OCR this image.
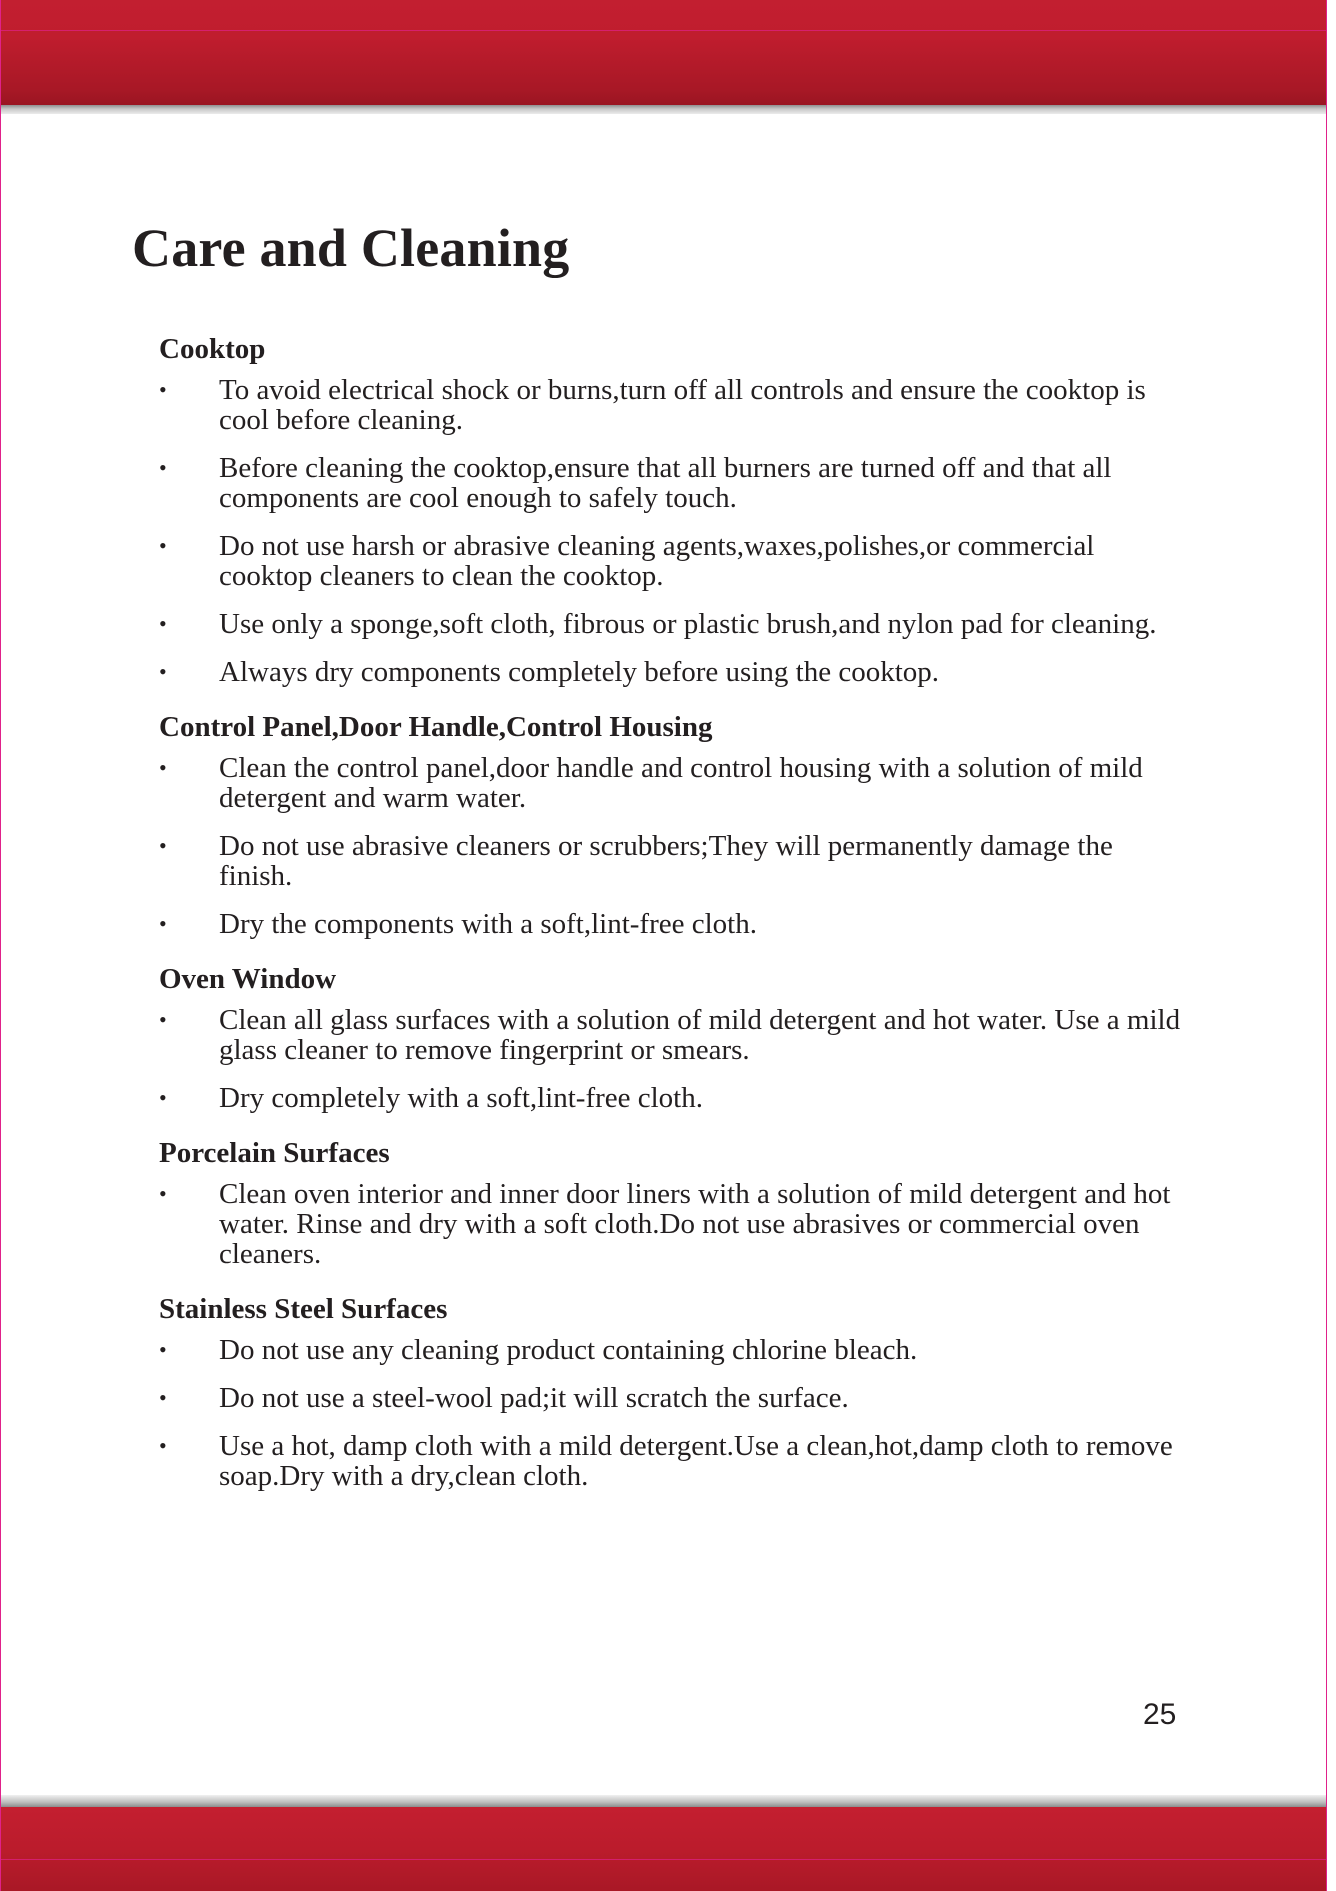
Care and Cleaning
Cooktop
•	To avoid electrical shock or burns,turn off all controls and ensure the cooktop is cool before cleaning.
•	Before cleaning the cooktop,ensure that all burners are turned off and that all components are cool enough to safely touch.
•	Do not use harsh or abrasive cleaning agents,waxes,polishes,or commercial cooktop cleaners to clean the cooktop.
•	Use only a sponge,soft cloth, fibrous or plastic brush,and nylon pad for cleaning.
•	Always dry components completely before using the cooktop.
Control Panel,Door Handle,Control Housing
•	Clean the control panel,door handle and control housing with a solution of mild detergent and warm water.
•	Do not use abrasive cleaners or scrubbers;They will permanently damage the finish.
•	Dry the components with a soft,lint-free cloth.
Oven Window
•	Clean all glass surfaces with a solution of mild detergent and hot water. Use a mild glass cleaner to remove fingerprint or smears.
•	Dry completely with a soft,lint-free cloth.
Porcelain Surfaces
•	Clean oven interior and inner door liners with a solution of mild detergent and hot water. Rinse and dry with a soft cloth.Do not use abrasives or commercial oven cleaners.
Stainless Steel Surfaces
•	Do not use any cleaning product containing chlorine bleach.
•	Do not use a steel-wool pad;it will scratch the surface.
•	Use a hot, damp cloth with a mild detergent.Use a clean,hot,damp cloth to remove soap.Dry with a dry,clean cloth.
25
